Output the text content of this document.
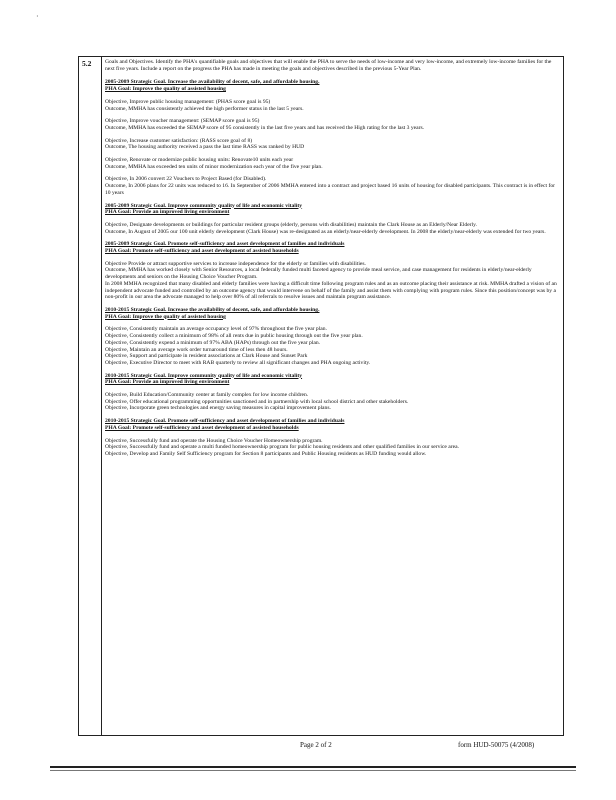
·
5.2 Goals and Objectives. Identify the PHA's quantifiable goals and objectives that will enable the PHA to serve the needs of low-income and very low-income, and extremely low-income families for the next five years. Include a report on the progress the PHA has made in meeting the goals and objectives described in the previous 5-Year Plan.

2005-2009 Strategic Goal. Increase the availability of decent, safe, and affordable housing.

PHA Goal: Improve the quality of assisted housing

Objective, Improve public housing management: (PHAS score goal is 95)

Outcome, MMHA has consistently achieved the high performer status in the last 5 years.

Objective, Improve voucher management: (SEMAP score goal is 95)

Outcome, MMHA has exceeded the SEMAP score of 95 consistently in the last five years and has received the High rating for the last 3 years.

Objective, Increase customer satisfaction: (RASS score goal of 8)

Outcome, The housing authority received a pass the last time RASS was ranked by HUD

Objective, Renovate or modernize public housing units: Renovate10 units each year

Outcome, MMHA has exceeded ten units of minor modernization each year of the five year plan.

Objective, In 2006 convert 22 Vouchers to Project Based (for Disabled).

Outcome, In 2006 plans for 22 units was reduced to 16. In September of 2006 MMHA entered into a contract and project based 16 units of housing for disabled participants. This contract is in effect for 10 years

2005-2009 Strategic Goal. Improve community quality of life and economic vitality

PHA Goal: Provide an improved living environment

Objective, Designate developments or buildings for particular resident groups (elderly, persons with disabilities) maintain the Clark House as an Elderly/Near Elderly.

Outcome, In August of 2005 our 100 unit elderly development (Clark House) was re-designated as an elderly/near-elderly development. In 2008 the elderly/near-elderly was extended for two years.

2005-2009 Strategic Goal. Promote self-sufficiency and asset development of families and individuals

PHA Goal: Promote self-sufficiency and asset development of assisted households

Objective Provide or attract supportive services to increase independence for the elderly or families with disabilities.

Outcome, MMHA has worked closely with Senior Resources, a local federally funded multi faceted agency to provide meal service, and case management for residents in elderly/near-elderly developments and seniors on the Housing Choice Voucher Program.

In 2008 MMHA recognized that many disabled and elderly families were having a difficult time following program rules and as an outcome placing their assistance at risk. MMHA drafted a vision of an independent advocate funded and controlled by an outcome agency that would intervene on behalf of the family and assist them with complying with program rules. Since this position/concept was by a non-profit in our area the advocate managed to help over 80% of all referrals to resolve issues and maintain program assistance.

2010-2015 Strategic Goal. Increase the availability of decent, safe, and affordable housing.

PHA Goal: Improve the quality of assisted housing

Objective, Consistently maintain an average occupancy level of 97% throughout the five year plan.

Objective, Consistently collect a minimum of 98% of all rents due in public housing through out the five year plan.

Objective, Consistently expend a minimum of 97% ABA (HAPs) through out the five year plan.

Objective, Maintain an average work order turnaround time of less then 48 hours.

Objective, Support and participate in resident associations at Clark House and Sunset Park

Objective, Executive Director to meet with RAB quarterly to review all significant changes and PHA ongoing activity.

2010-2015 Strategic Goal. Improve community quality of life and economic vitality

PHA Goal: Provide an improved living environment

Objective, Build Education/Community center at family complex for low income children.

Objective, Offer educational programming opportunities sanctioned and in partnership with local school district and other stakeholders.

Objective, Incorporate green technologies and energy saving measures in capital improvement plans.

2010-2015 Strategic Goal. Promote self-sufficiency and asset development of families and individuals

PHA Goal: Promote self-sufficiency and asset development of assisted households

Objective, Successfully fund and operate the Housing Choice Voucher Homeownership program.

Objective, Successfully fund and operate a multi funded homeownership program for public housing residents and other qualified families in our service area.

Objective, Develop and Family Self Sufficiency program for Section 8 participants and Public Housing residents as HUD funding would allow.

Page 2 of 2	form HUD-50075 (4/2008)
